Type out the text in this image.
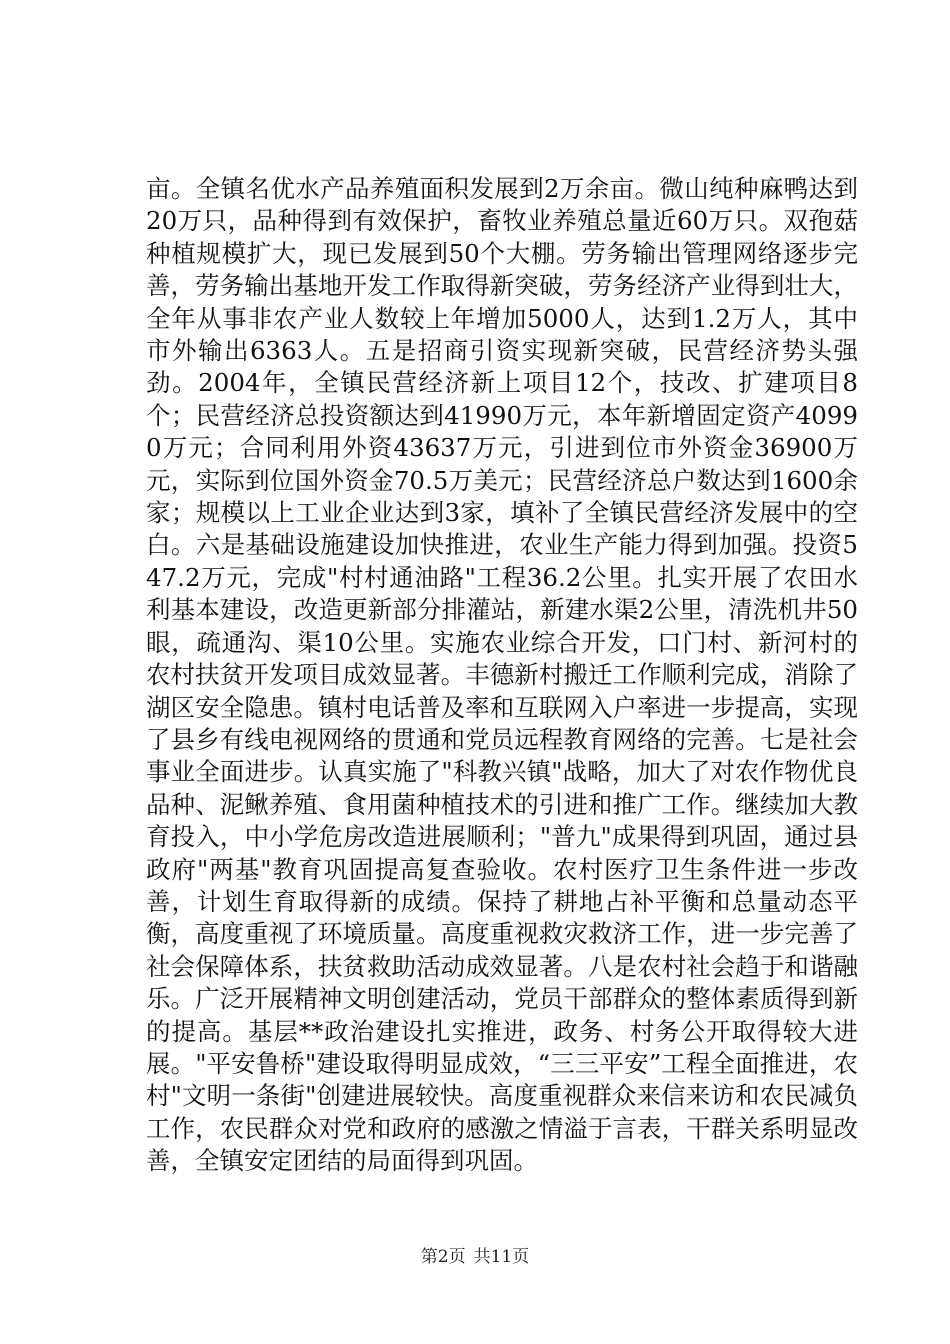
亩。全镇名优水产品养殖面积发展到2万余亩。微山纯种麻鸭达到20万只，品种得到有效保护，畜牧业养殖总量近60万只。双孢菇种植规模扩大，现已发展到50个大棚。劳务输出管理网络逐步完善，劳务输出基地开发工作取得新突破，劳务经济产业得到壮大，全年从事非农产业人数较上年增加5000人，达到1.2万人，其中市外输出6363人。五是招商引资实现新突破，民营经济势头强劲。2004年，全镇民营经济新上项目12个，技改、扩建项目8个；民营经济总投资额达到41990万元，本年新增固定资产40990万元；合同利用外资43637万元，引进到位市外资金36900万元，实际到位国外资金70.5万美元；民营经济总户数达到1600余家；规模以上工业企业达到3家，填补了全镇民营经济发展中的空白。六是基础设施建设加快推进，农业生产能力得到加强。投资547.2万元，完成"村村通油路"工程36.2公里。扎实开展了农田水利基本建设，改造更新部分排灌站，新建水渠2公里，清洗机井50眼，疏通沟、渠10公里。实施农业综合开发，口门村、新河村的农村扶贫开发项目成效显著。丰德新村搬迁工作顺利完成，消除了湖区安全隐患。镇村电话普及率和互联网入户率进一步提高，实现了县乡有线电视网络的贯通和党员远程教育网络的完善。七是社会事业全面进步。认真实施了"科教兴镇"战略，加大了对农作物优良品种、泥鳅养殖、食用菌种植技术的引进和推广工作。继续加大教育投入，中小学危房改造进展顺利；"普九"成果得到巩固，通过县政府"两基"教育巩固提高复查验收。农村医疗卫生条件进一步改善，计划生育取得新的成绩。保持了耕地占补平衡和总量动态平衡，高度重视了环境质量。高度重视救灾救济工作，进一步完善了社会保障体系，扶贫救助活动成效显著。八是农村社会趋于和谐融乐。广泛开展精神文明创建活动，党员干部群众的整体素质得到新的提高。基层**政治建设扎实推进，政务、村务公开取得较大进展。"平安鲁桥"建设取得明显成效，“三三平安”工程全面推进，农村"文明一条街"创建进展较快。高度重视群众来信来访和农民减负工作，农民群众对党和政府的感激之情溢于言表，干群关系明显改善，全镇安定团结的局面得到巩固。

第2页 共11页
